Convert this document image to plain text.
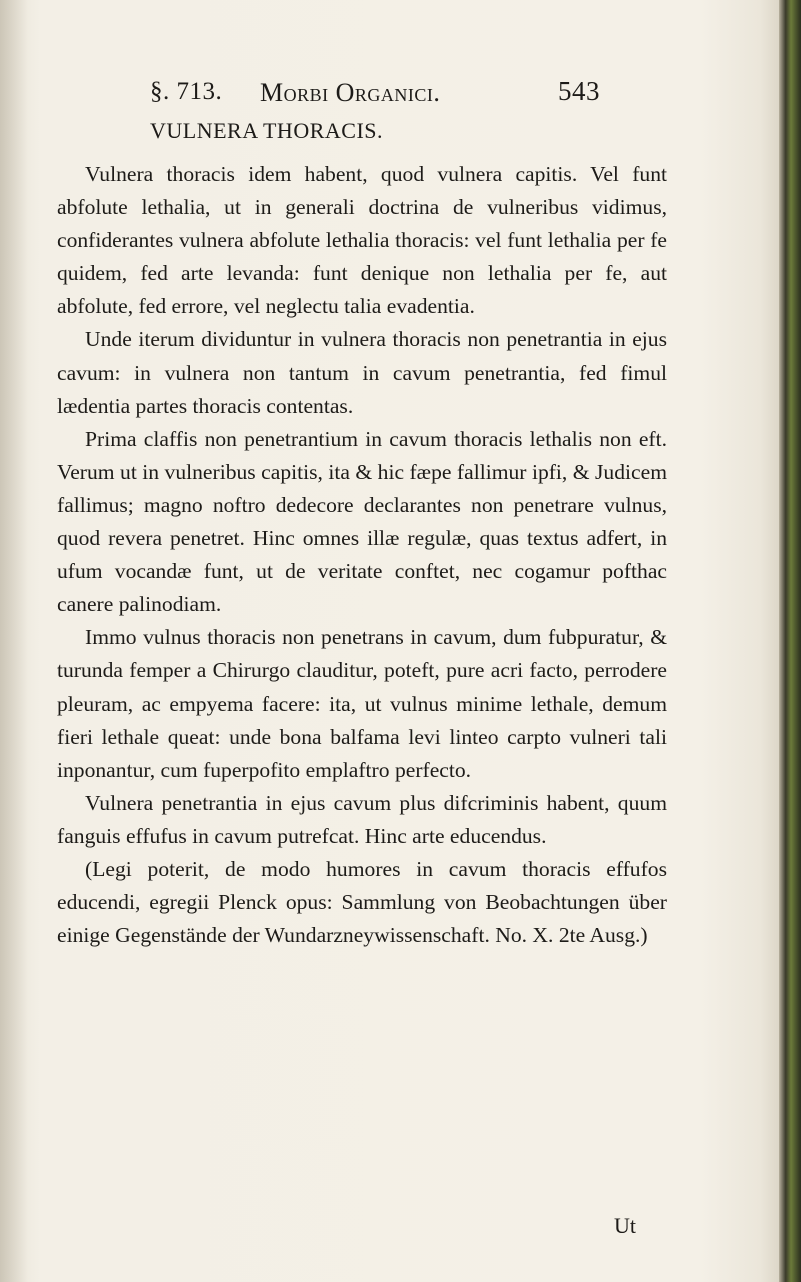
§. 713. Morbi Organici.	543
VULNERA THORACIS.

Vulnera thoracis idem habent, quod vulnera capitis. Vel funt abfolute lethalia, ut in generali doctrina de vulneribus vidimus, confiderantes vulnera abfolute lethalia thoracis: vel funt lethalia per fe quidem, fed arte levanda: funt denique non lethalia per fe, aut abfolute, fed errore, vel neglectu talia evadentia.

Unde iterum dividuntur in vulnera thoracis non penetrantia in ejus cavum: in vulnera non tantum in cavum penetrantia, fed fimul lædentia partes thoracis contentas.

Prima claffis non penetrantium in cavum thoracis lethalis non eft. Verum ut in vulneribus capitis, ita & hic fæpe fallimur ipfi, & Judicem fallimus; magno noftro dedecore declarantes non penetrare vulnus, quod revera penetret. Hinc omnes illæ regulæ, quas textus adfert, in ufum vocandæ funt, ut de veritate conftet, nec cogamur pofthac canere palinodiam.

Immo vulnus thoracis non penetrans in cavum, dum fubpuratur, & turunda femper a Chirurgo clauditur, poteft, pure acri facto, perrodere pleuram, ac empyema facere: ita, ut vulnus minime lethale, demum fieri lethale queat: unde bona balfama levi linteo carpto vulneri tali inponantur, cum fuperpofito emplaftro perfecto.

Vulnera penetrantia in ejus cavum plus difcriminis habent, quum fanguis effufus in cavum putrefcat. Hinc arte educendus.

(Legi poterit, de modo humores in cavum thoracis effufos educendi, egregii Plenck opus: Sammlung von Beobachtungen über einige Gegenstände der Wundarzneywissenschaft. No. X. 2te Ausg.)

Ut
